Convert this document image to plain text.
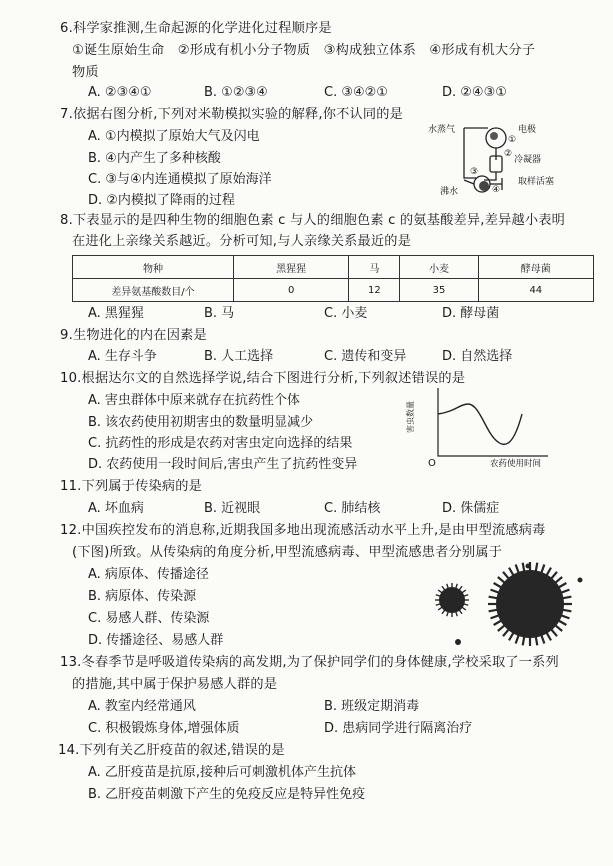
6.科学家推测,生命起源的化学进化过程顺序是
①诞生原始生命　②形成有机小分子物质　③构成独立体系　④形成有机大分子
物质
A. ②③④①	B. ①②③④	C. ③④②①	D. ②④③①
7.依据右图分析,下列对米勒模拟实验的解释,你不认同的是
A. ①内模拟了原始大气及闪电
B. ④内产生了多种核酸
C. ③与④内连通模拟了原始海洋
D. ②内模拟了降雨的过程
水蒸气	电极
①
②
冷凝器
③
④
取样活塞
沸水
8.下表显示的是四种生物的细胞色素 c 与人的细胞色素 c 的氨基酸差异,差异越小表明
在进化上亲缘关系越近。分析可知,与人亲缘关系最近的是
物种	黑猩猩	马	小麦	酵母菌
差异氨基酸数目/个	0	12	35	44
A. 黑猩猩	B. 马	C. 小麦	D. 酵母菌
9.生物进化的内在因素是
A. 生存斗争	B. 人工选择	C. 遗传和变异	D. 自然选择
10.根据达尔文的自然选择学说,结合下图进行分析,下列叙述错误的是
A. 害虫群体中原来就存在抗药性个体
B. 该农药使用初期害虫的数量明显减少
C. 抗药性的形成是农药对害虫定向选择的结果
D. 农药使用一段时间后,害虫产生了抗药性变异	O	农药使用时间
害虫数量
11.下列属于传染病的是
A. 坏血病	B. 近视眼	C. 肺结核	D. 侏儒症
12.中国疾控发布的消息称,近期我国多地出现流感活动水平上升,是由甲型流感病毒
(下图)所致。从传染病的角度分析,甲型流感病毒、甲型流感患者分别属于
A. 病原体、传播途径
B. 病原体、传染源
C. 易感人群、传染源
D. 传播途径、易感人群
13.冬春季节是呼吸道传染病的高发期,为了保护同学们的身体健康,学校采取了一系列
的措施,其中属于保护易感人群的是
A. 教室内经常通风	B. 班级定期消毒
C. 积极锻炼身体,增强体质	D. 患病同学进行隔离治疗
14.下列有关乙肝疫苗的叙述,错误的是
A. 乙肝疫苗是抗原,接种后可刺激机体产生抗体
B. 乙肝疫苗刺激下产生的免疫反应是特异性免疫
